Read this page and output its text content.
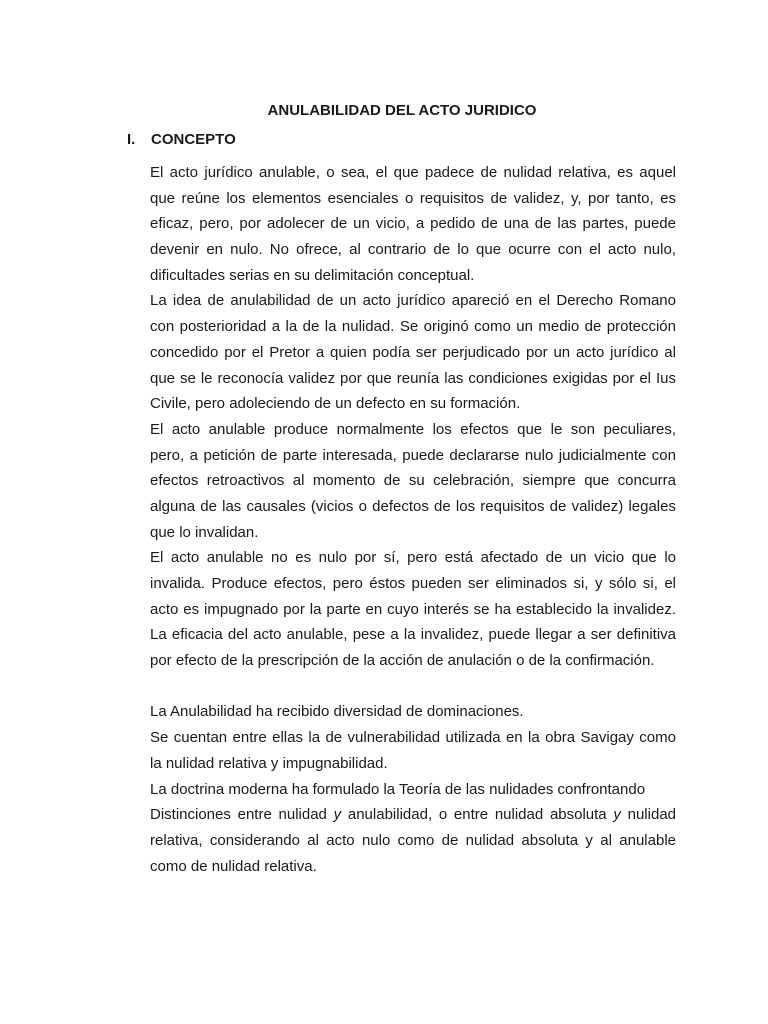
ANULABILIDAD DEL ACTO JURIDICO
I. CONCEPTO
El acto jurídico anulable, o sea, el que padece de nulidad relativa, es aquel
que reúne los elementos esenciales o requisitos de validez, y, por tanto, es
eficaz, pero, por adolecer de un vicio, a pedido de una de las partes, puede
devenir en nulo. No ofrece, al contrario de lo que ocurre con el acto nulo,
dificultades serias en su delimitación conceptual.
La idea de anulabilidad de un acto jurídico apareció en el Derecho Romano
con posterioridad a la de la nulidad. Se originó como un medio de protección
concedido por el Pretor a quien podía ser perjudicado por un acto jurídico al
que se le reconocía validez por que reunía las condiciones exigidas por el Ius
Civile, pero adoleciendo de un defecto en su formación.
El acto anulable produce normalmente los efectos que le son peculiares,
pero, a petición de parte interesada, puede declararse nulo judicialmente con
efectos retroactivos al momento de su celebración, siempre que concurra
alguna de las causales (vicios o defectos de los requisitos de validez) legales
que lo invalidan.
El acto anulable no es nulo por sí, pero está afectado de un vicio que lo
invalida. Produce efectos, pero éstos pueden ser eliminados si, y sólo si, el
acto es impugnado por la parte en cuyo interés se ha establecido la invalidez.
La eficacia del acto anulable, pese a la invalidez, puede llegar a ser definitiva
por efecto de la prescripción de la acción de anulación o de la confirmación.
La Anulabilidad ha recibido diversidad de dominaciones.
Se cuentan entre ellas la de vulnerabilidad utilizada en la obra Savigay como
la nulidad relativa y impugnabilidad.
La doctrina moderna ha formulado la Teoría de las nulidades confrontando
Distinciones entre nulidad y anulabilidad, o entre nulidad absoluta y nulidad
relativa, considerando al acto nulo como de nulidad absoluta y al anulable
como de nulidad relativa.
